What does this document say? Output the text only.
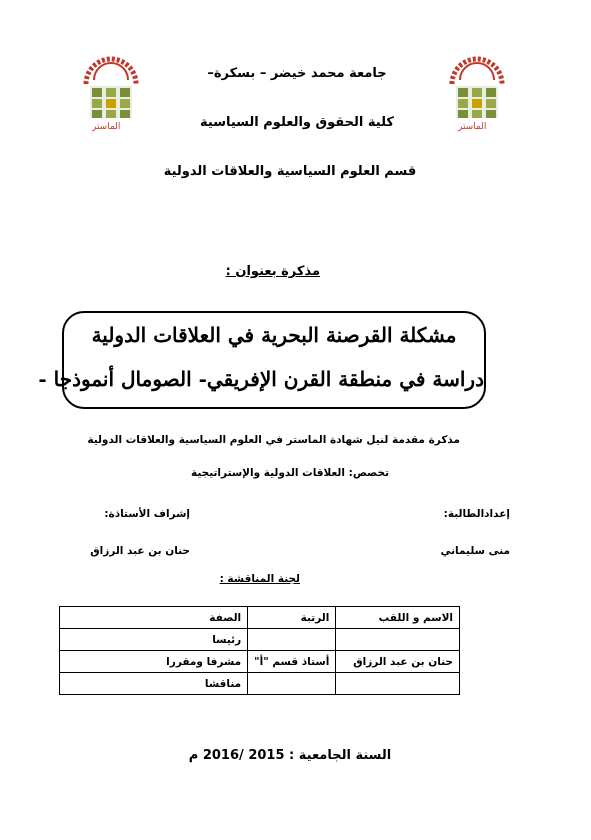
الماستر	الماستر
جامعة محمد خيضر – بسكرة–
كلية الحقوق والعلوم السياسية
قسم العلوم السياسية والعلاقات الدولية
مذكرة بعنوان :
مشكلة القرصنة البحرية في العلاقات الدولية
دراسة في منطقة القرن الإفريقي- الصومال أنموذجا -
مذكرة مقدمة لنيل شهادة الماستر في العلوم السياسية والعلاقات الدولية
تخصص: العلاقات الدولية والإستراتيجية
إعدادالطالبة:
إشراف الأستاذة:
منى سليماني
حنان بن عبد الرزاق
لجنة المناقشة :
الاسم و اللقب	الرتبة	الصفة
		رئيسا
حنان بن عبد الرزاق	أستاذ قسم "أ"	مشرفا ومقررا
		مناقشا
السنة الجامعية : 2015 /2016 م
